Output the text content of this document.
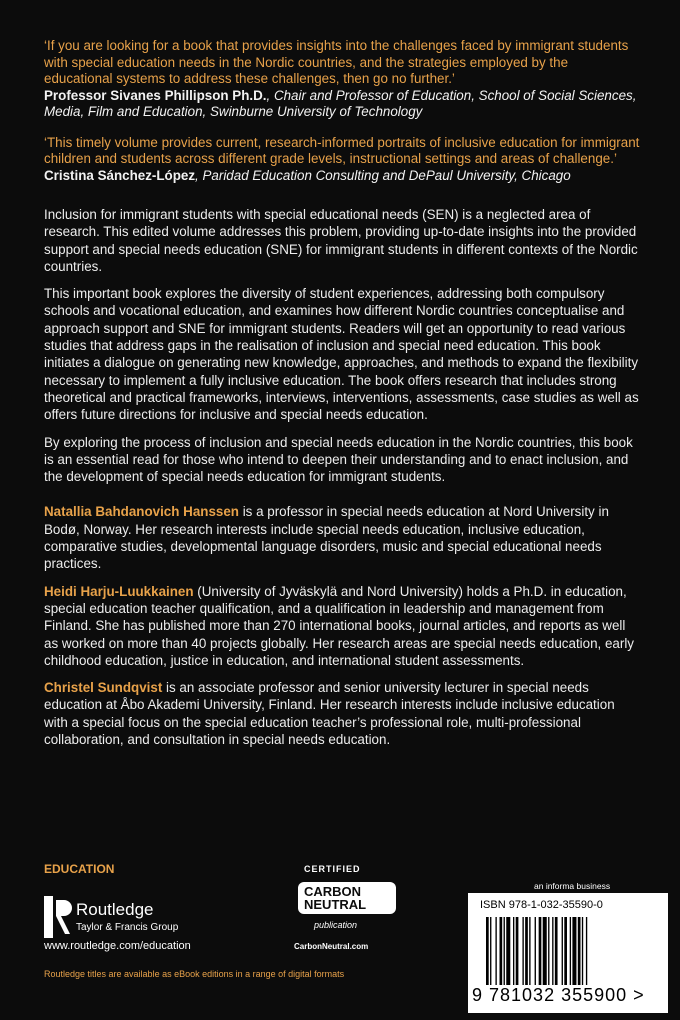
‘If you are looking for a book that provides insights into the challenges faced by immigrant students with special education needs in the Nordic countries, and the strategies employed by the educational systems to address these challenges, then go no further.’

Professor Sivanes Phillipson Ph.D., Chair and Professor of Education, School of Social Sciences, Media, Film and Education, Swinburne University of Technology

‘This timely volume provides current, research-informed portraits of inclusive education for immigrant children and students across different grade levels, instructional settings and areas of challenge.’

Cristina Sánchez-López, Paridad Education Consulting and DePaul University, Chicago

Inclusion for immigrant students with special educational needs (SEN) is a neglected area of research. This edited volume addresses this problem, providing up-to-date insights into the provided support and special needs education (SNE) for immigrant students in different contexts of the Nordic countries.

This important book explores the diversity of student experiences, addressing both compulsory schools and vocational education, and examines how different Nordic countries conceptualise and approach support and SNE for immigrant students. Readers will get an opportunity to read various studies that address gaps in the realisation of inclusion and special need education. This book initiates a dialogue on generating new knowledge, approaches, and methods to expand the flexibility necessary to implement a fully inclusive education. The book offers research that includes strong theoretical and practical frameworks, interviews, interventions, assessments, case studies as well as offers future directions for inclusive and special needs education.

By exploring the process of inclusion and special needs education in the Nordic countries, this book is an essential read for those who intend to deepen their understanding and to enact inclusion, and the development of special needs education for immigrant students.

Natallia Bahdanovich Hanssen is a professor in special needs education at Nord University in Bodø, Norway. Her research interests include special needs education, inclusive education, comparative studies, developmental language disorders, music and special educational needs practices.

Heidi Harju-Luukkainen (University of Jyväskylä and Nord University) holds a Ph.D. in education, special education teacher qualification, and a qualification in leadership and management from Finland. She has published more than 270 international books, journal articles, and reports as well as worked on more than 40 projects globally. Her research areas are special needs education, early childhood education, justice in education, and international student assessments.

Christel Sundqvist is an associate professor and senior university lecturer in special needs education at Åbo Akademi University, Finland. Her research interests include inclusive education with a special focus on the special education teacher’s professional role, multi-professional collaboration, and consultation in special needs education.

EDUCATION
Routledge
Taylor & Francis Group
www.routledge.com/education
Routledge titles are available as eBook editions in a range of digital formats
CERTIFIED
CARBON NEUTRAL
publication
CarbonNeutral.com
an informa business
ISBN 978-1-032-35590-0
9 781032 355900 >
